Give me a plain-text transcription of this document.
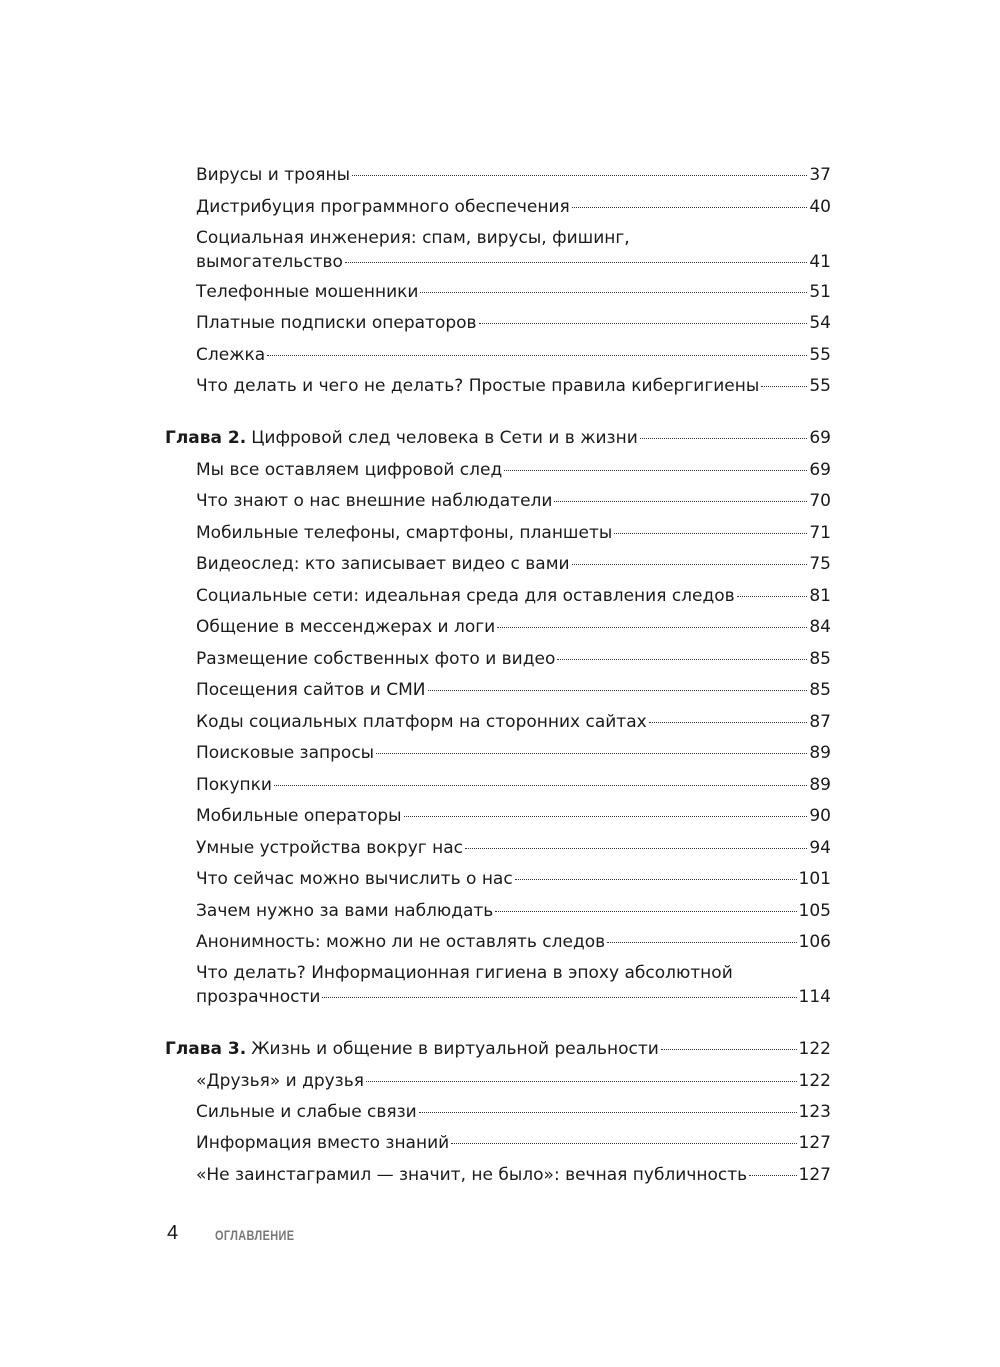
Вирусы и трояны	37
Дистрибуция программного обеспечения	40
Социальная инженерия: спам, вирусы, фишинг,
вымогательство	41
Телефонные мошенники	51
Платные подписки операторов	54
Слежка	55
Что делать и чего не делать? Простые правила кибергигиены	55
Глава 2. Цифровой след человека в Сети и в жизни	69
Мы все оставляем цифровой след	69
Что знают о нас внешние наблюдатели	70
Мобильные телефоны, смартфоны, планшеты	71
Видеослед: кто записывает видео с вами	75
Социальные сети: идеальная среда для оставления следов	81
Общение в мессенджерах и логи	84
Размещение собственных фото и видео	85
Посещения сайтов и СМИ	85
Коды социальных платформ на сторонних сайтах	87
Поисковые запросы	89
Покупки	89
Мобильные операторы	90
Умные устройства вокруг нас	94
Что сейчас можно вычислить о нас	101
Зачем нужно за вами наблюдать	105
Анонимность: можно ли не оставлять следов	106
Что делать? Информационная гигиена в эпоху абсолютной
прозрачности	114
Глава 3. Жизнь и общение в виртуальной реальности	122
«Друзья» и друзья	122
Сильные и слабые связи	123
Информация вместо знаний	127
«Не заинстаграмил — значит, не было»: вечная публичность	127
4	ОГЛАВЛЕНИЕ
